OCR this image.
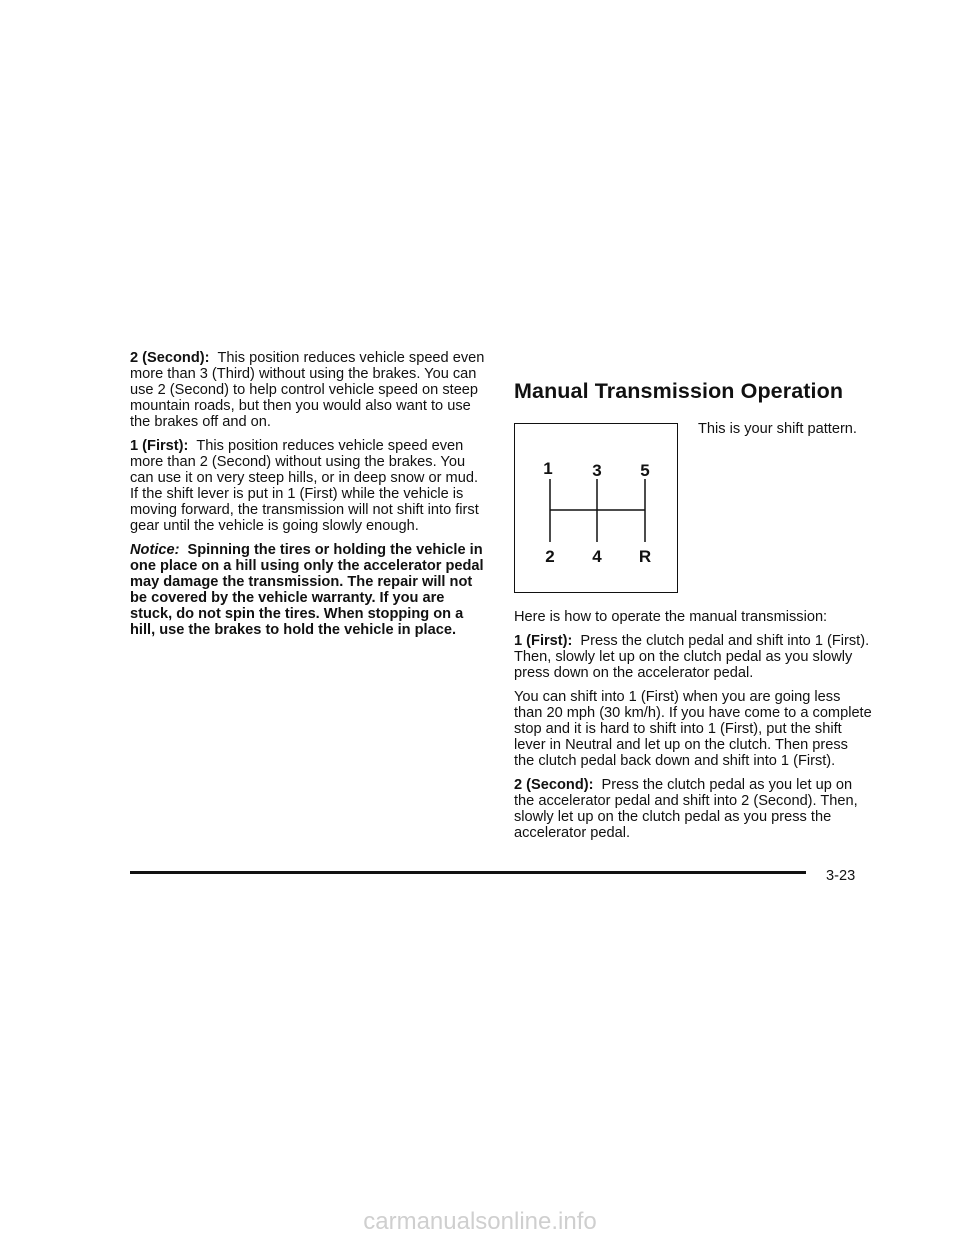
2 (Second): This position reduces vehicle speed even more than 3 (Third) without using the brakes. You can use 2 (Second) to help control vehicle speed on steep mountain roads, but then you would also want to use the brakes off and on.

1 (First): This position reduces vehicle speed even more than 2 (Second) without using the brakes. You can use it on very steep hills, or in deep snow or mud. If the shift lever is put in 1 (First) while the vehicle is moving forward, the transmission will not shift into first gear until the vehicle is going slowly enough.

Notice: Spinning the tires or holding the vehicle in one place on a hill using only the accelerator pedal may damage the transmission. The repair will not be covered by the vehicle warranty. If you are stuck, do not spin the tires. When stopping on a hill, use the brakes to hold the vehicle in place.

Manual Transmission Operation
1 3 5
2 4 R

This is your shift pattern.

Here is how to operate the manual transmission:

1 (First): Press the clutch pedal and shift into 1 (First). Then, slowly let up on the clutch pedal as you slowly press down on the accelerator pedal.

You can shift into 1 (First) when you are going less than 20 mph (30 km/h). If you have come to a complete stop and it is hard to shift into 1 (First), put the shift lever in Neutral and let up on the clutch. Then press the clutch pedal back down and shift into 1 (First).

2 (Second): Press the clutch pedal as you let up on the accelerator pedal and shift into 2 (Second). Then, slowly let up on the clutch pedal as you press the accelerator pedal.

3-23
carmanualsonline.info
